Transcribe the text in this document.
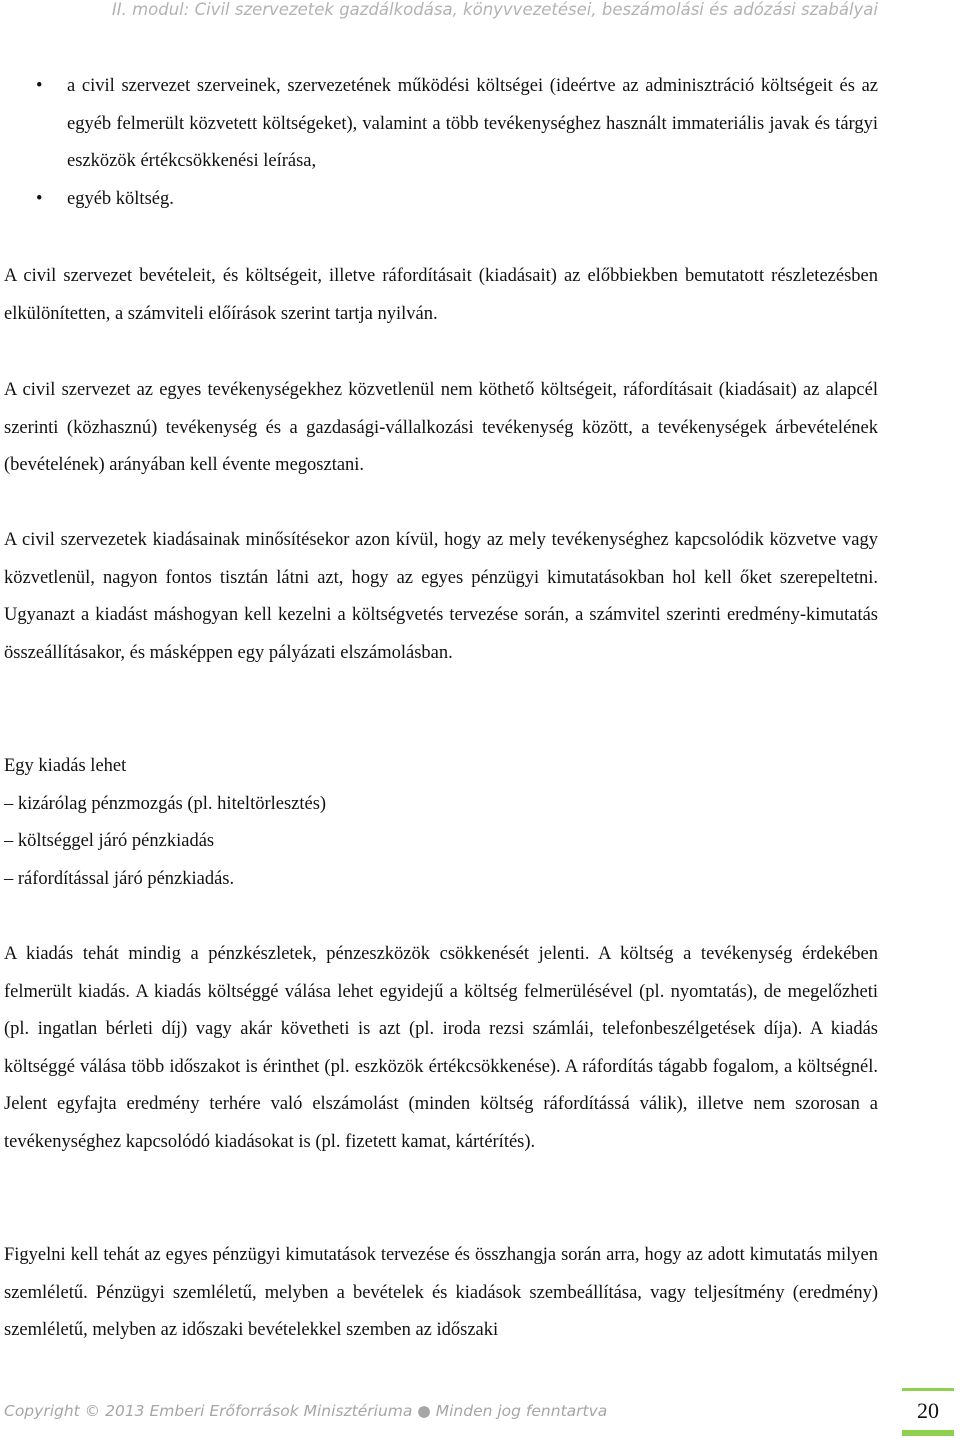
II. modul: Civil szervezetek gazdálkodása, könyvvezetései, beszámolási és adózási szabályai
• a civil szervezet szerveinek, szervezetének működési költségei (ideértve az adminisztráció költségeit és az egyéb felmerült közvetett költségeket), valamint a több tevékenységhez használt immateriális javak és tárgyi eszközök értékcsökkenési leírása,
• egyéb költség.

A civil szervezet bevételeit, és költségeit, illetve ráfordításait (kiadásait) az előbbiekben bemutatott részletezésben elkülönítetten, a számviteli előírások szerint tartja nyilván.

A civil szervezet az egyes tevékenységekhez közvetlenül nem köthető költségeit, ráfordításait (kiadásait) az alapcél szerinti (közhasznú) tevékenység és a gazdasági-vállalkozási tevékenység között, a tevékenységek árbevételének (bevételének) arányában kell évente megosztani.

A civil szervezetek kiadásainak minősítésekor azon kívül, hogy az mely tevékenységhez kapcsolódik közvetve vagy közvetlenül, nagyon fontos tisztán látni azt, hogy az egyes pénzügyi kimutatásokban hol kell őket szerepeltetni. Ugyanazt a kiadást máshogyan kell kezelni a költségvetés tervezése során, a számvitel szerinti eredmény-kimutatás összeállításakor, és másképpen egy pályázati elszámolásban.

Egy kiadás lehet
– kizárólag pénzmozgás (pl. hiteltörlesztés)
– költséggel járó pénzkiadás
– ráfordítással járó pénzkiadás.

A kiadás tehát mindig a pénzkészletek, pénzeszközök csökkenését jelenti. A költség a tevékenység érdekében felmerült kiadás. A kiadás költséggé válása lehet egyidejű a költség felmerülésével (pl. nyomtatás), de megelőzheti (pl. ingatlan bérleti díj) vagy akár követheti is azt (pl. iroda rezsi számlái, telefonbeszélgetések díja). A kiadás költséggé válása több időszakot is érinthet (pl. eszközök értékcsökkenése). A ráfordítás tágabb fogalom, a költségnél. Jelent egyfajta eredmény terhére való elszámolást (minden költség ráfordítássá válik), illetve nem szorosan a tevékenységhez kapcsolódó kiadásokat is (pl. fizetett kamat, kártérítés).

Figyelni kell tehát az egyes pénzügyi kimutatások tervezése és összhangja során arra, hogy az adott kimutatás milyen szemléletű. Pénzügyi szemléletű, melyben a bevételek és kiadások szembeállítása, vagy teljesítmény (eredmény) szemléletű, melyben az időszaki bevételekkel szemben az időszaki

Copyright © 2013 Emberi Erőforrások Minisztériuma ● Minden jog fenntartva	20
